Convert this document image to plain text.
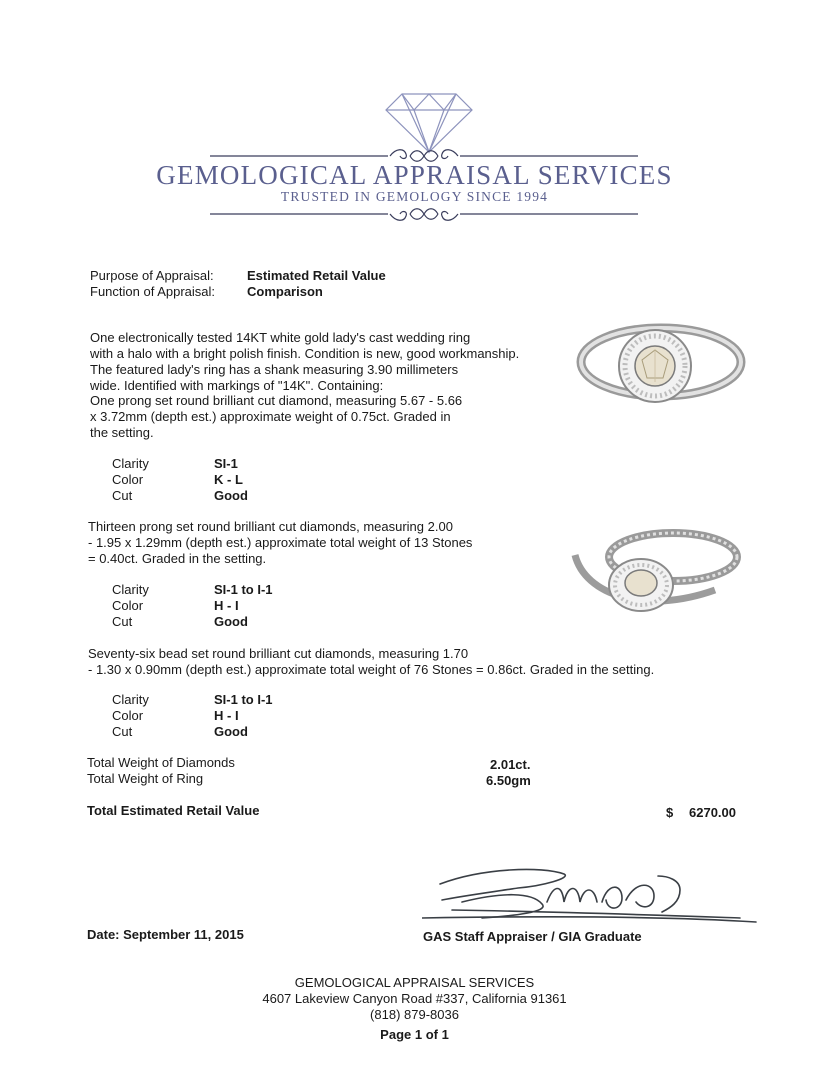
GEMOLOGICAL APPRAISAL SERVICES
TRUSTED IN GEMOLOGY SINCE 1994
Purpose of Appraisal:	Estimated Retail Value
Function of Appraisal: Comparison
One electronically tested 14KT white gold lady's cast wedding ring
with a halo with a bright polish finish. Condition is new, good workmanship.
The featured lady's ring has a shank measuring 3.90 millimeters
wide. Identified with markings of "14K". Containing:
One prong set round brilliant cut diamond, measuring 5.67 - 5.66
x 3.72mm (depth est.) approximate weight of 0.75ct. Graded in
the setting.
Clarity	SI-1
Color	K - L
Cut	Good
Thirteen prong set round brilliant cut diamonds, measuring 2.00
- 1.95 x 1.29mm (depth est.) approximate total weight of 13 Stones
= 0.40ct. Graded in the setting.
Clarity	SI-1 to I-1
Color	H - I
Cut	Good
Seventy-six bead set round brilliant cut diamonds, measuring 1.70
- 1.30 x 0.90mm (depth est.) approximate total weight of 76 Stones = 0.86ct. Graded in the setting.
Clarity	SI-1 to I-1
Color	H - I
Cut	Good
Total Weight of Diamonds	2.01ct.
Total Weight of Ring	6.50gm
Total Estimated Retail Value	$ 6270.00
Date: September 11, 2015	GAS Staff Appraiser / GIA Graduate
GEMOLOGICAL APPRAISAL SERVICES
4607 Lakeview Canyon Road #337, California 91361
(818) 879-8036
Page 1 of 1
